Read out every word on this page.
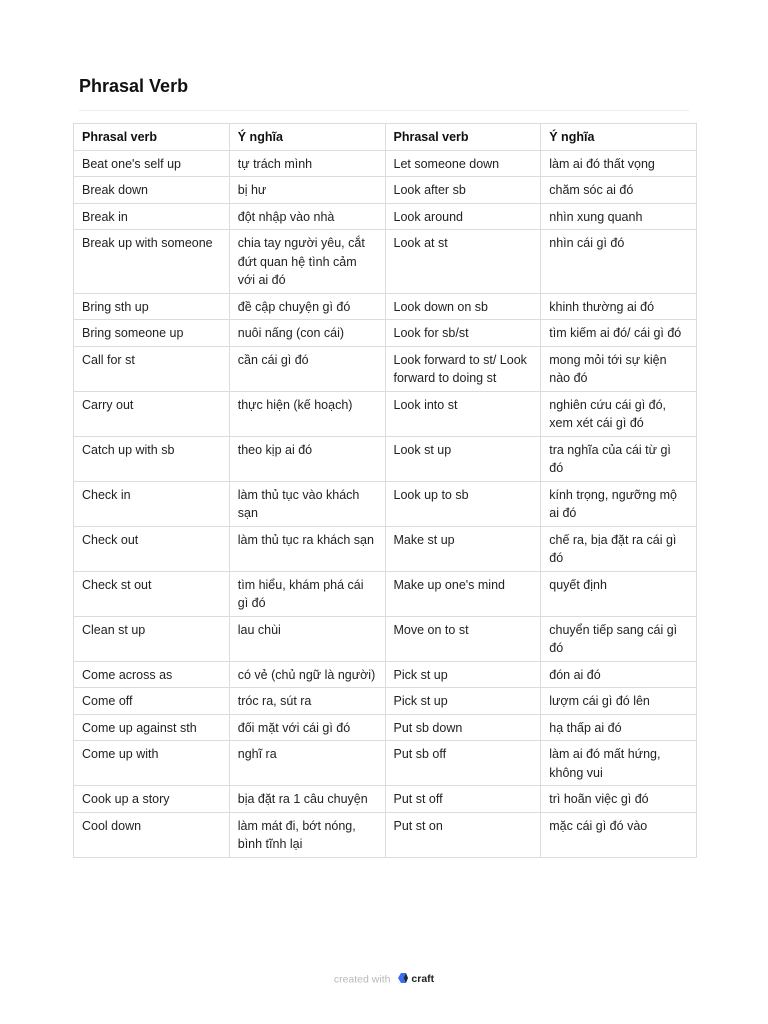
Phrasal Verb
Phrasal verb	Ý nghĩa	Phrasal verb	Ý nghĩa
Beat one's self up	tự trách mình	Let someone down	làm ai đó thất vọng
Break down	bị hư	Look after sb	chăm sóc ai đó
Break in	đột nhập vào nhà	Look around	nhìn xung quanh
Break up with someone	chia tay người yêu, cắt đứt quan hệ tình cảm với ai đó	Look at st	nhìn cái gì đó
Bring sth up	đề cập chuyện gì đó	Look down on sb	khinh thường ai đó
Bring someone up	nuôi nấng (con cái)	Look for sb/st	tìm kiếm ai đó/ cái gì đó
Call for st	cần cái gì đó	Look forward to st/ Look forward to doing st	mong mỏi tới sự kiện nào đó
Carry out	thực hiện (kế hoạch)	Look into st	nghiên cứu cái gì đó, xem xét cái gì đó
Catch up with sb	theo kịp ai đó	Look st up	tra nghĩa của cái từ gì đó
Check in	làm thủ tục vào khách sạn	Look up to sb	kính trọng, ngưỡng mộ ai đó
Check out	làm thủ tục ra khách sạn	Make st up	chế ra, bịa đặt ra cái gì đó
Check st out	tìm hiểu, khám phá cái gì đó	Make up one's mind	quyết định
Clean st up	lau chùi	Move on to st	chuyển tiếp sang cái gì đó
Come across as	có vẻ (chủ ngữ là người)	Pick st up	đón ai đó
Come off	tróc ra, sút ra	Pick st up	lượm cái gì đó lên
Come up against sth	đối mặt với cái gì đó	Put sb down	hạ thấp ai đó
Come up with	nghĩ ra	Put sb off	làm ai đó mất hứng, không vui
Cook up a story	bịa đặt ra 1 câu chuyện	Put st off	trì hoãn việc gì đó
Cool down	làm mát đi, bớt nóng, bình tĩnh lại	Put st on	mặc cái gì đó vào
created with craft
